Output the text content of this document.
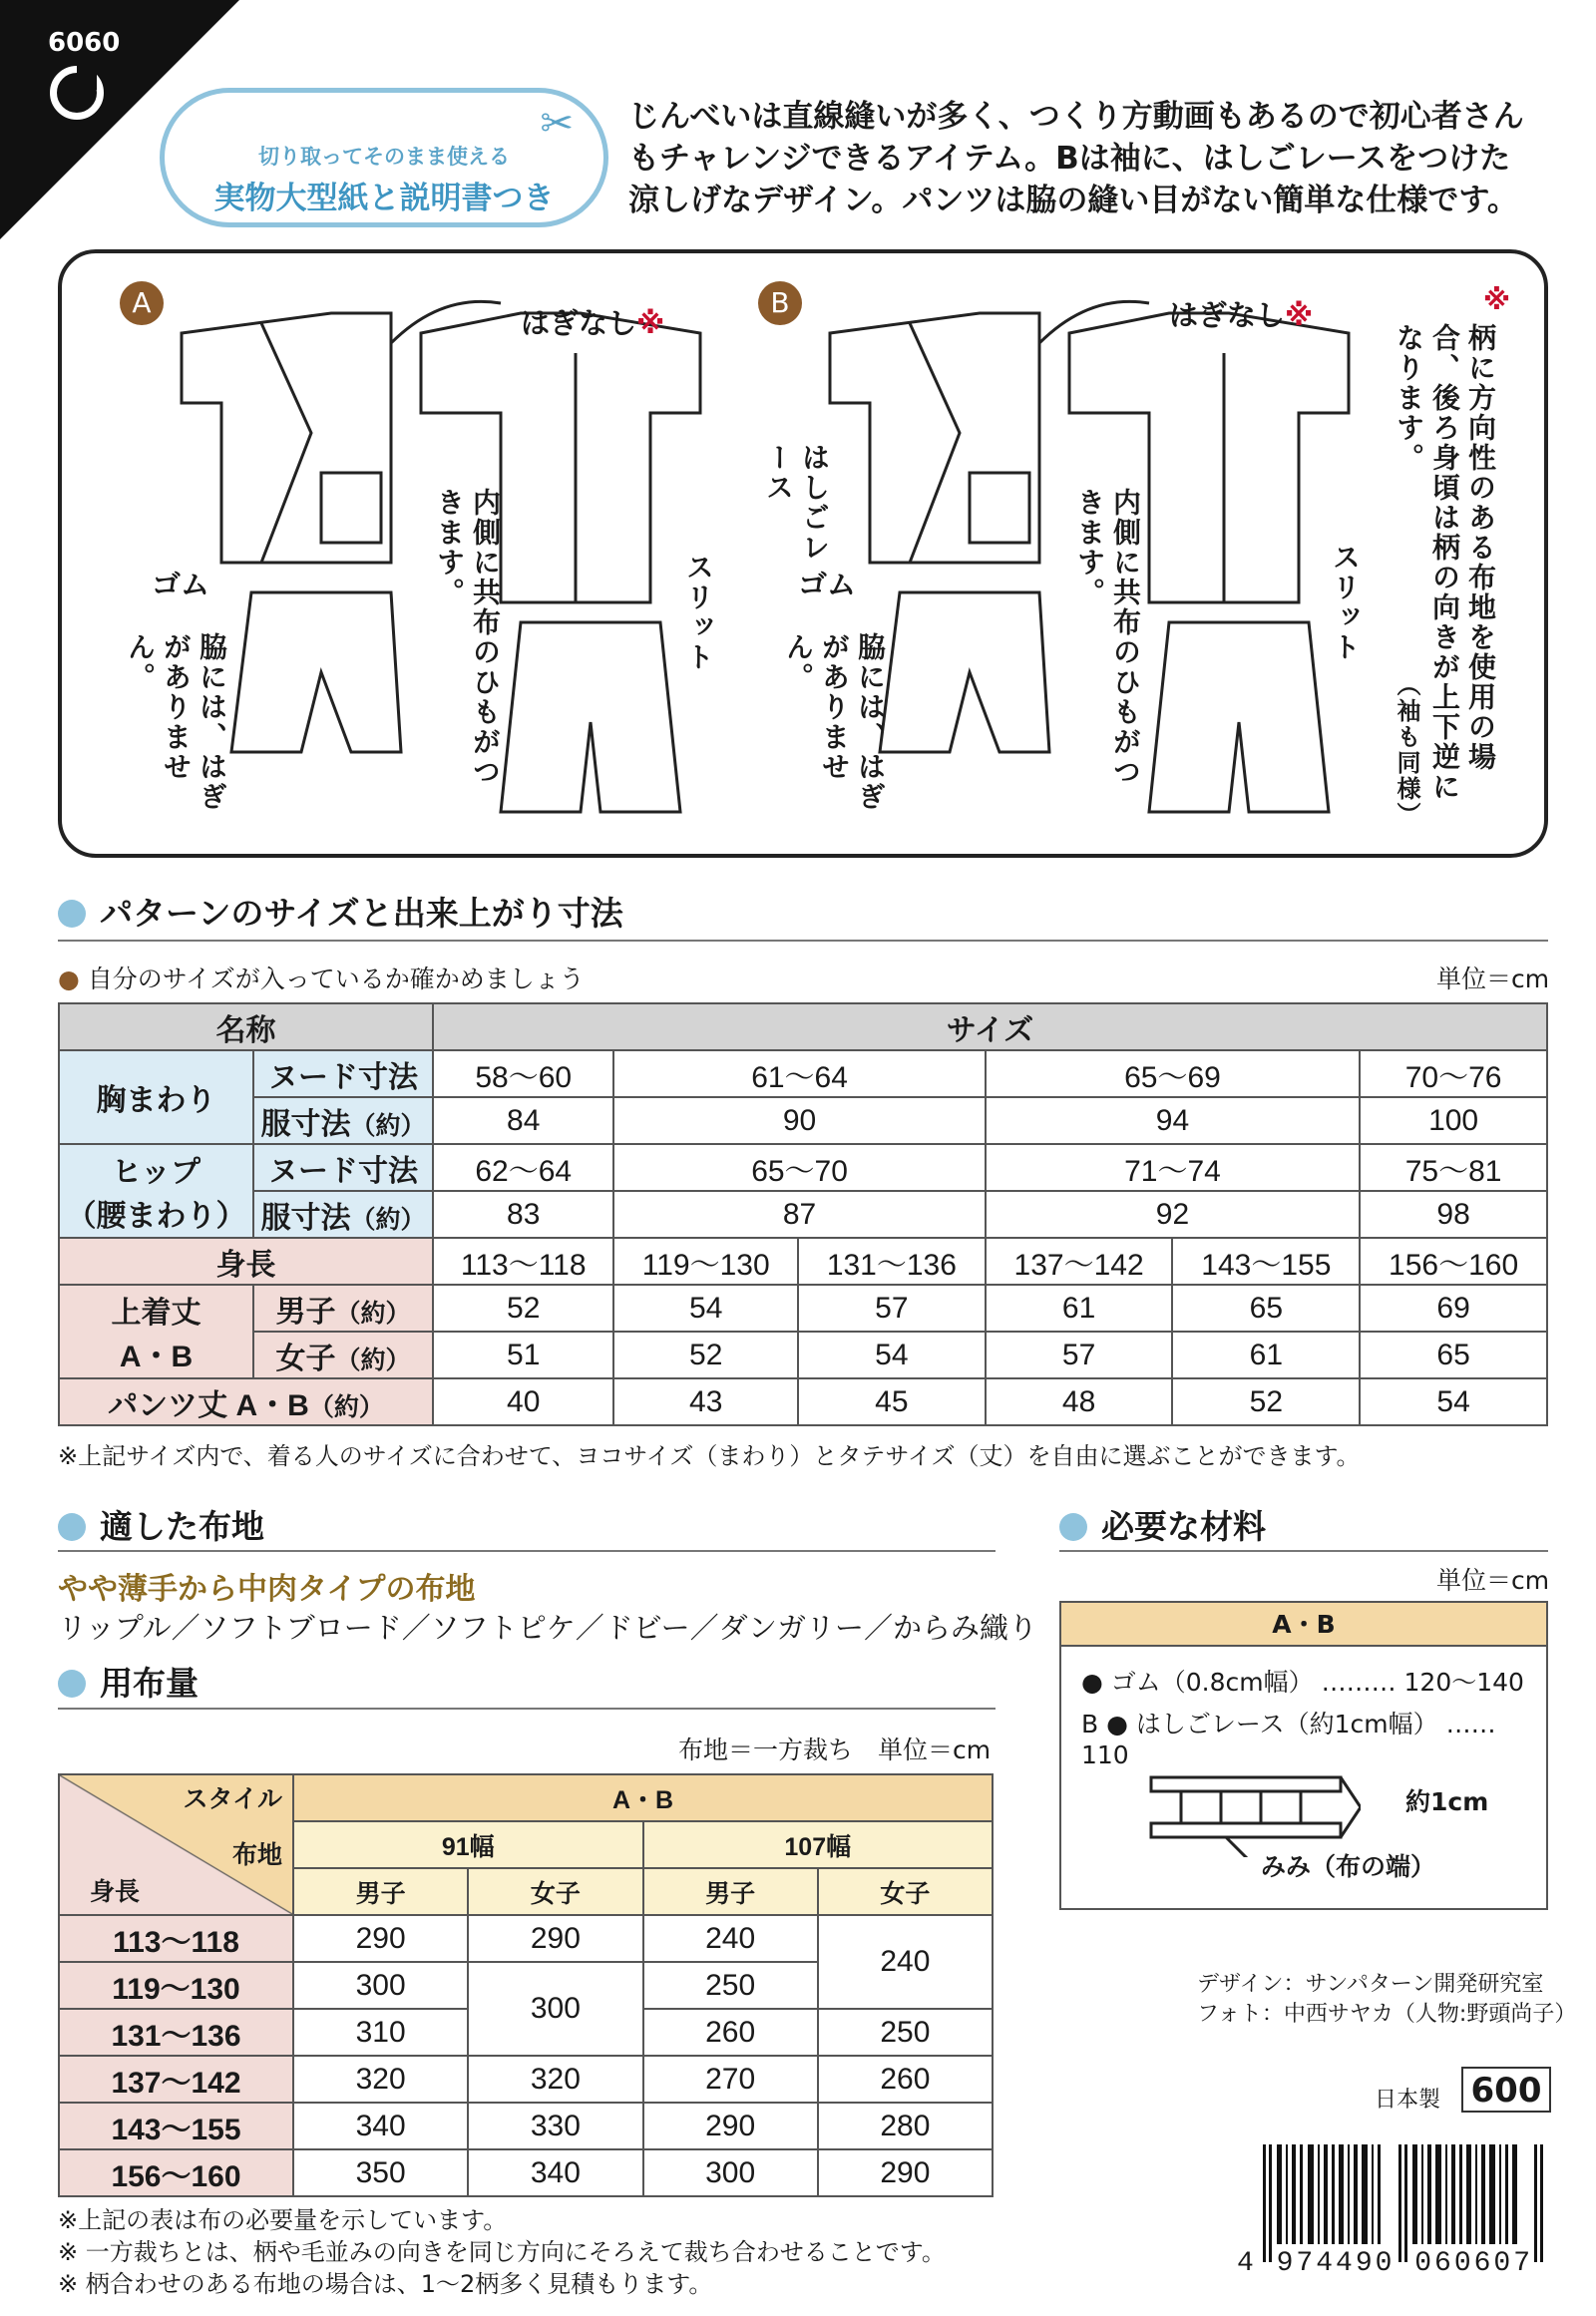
6060
✂
切り取ってそのまま使える
実物大型紙と説明書つき
じんべいは直線縫いが多く、つくり方動画もあるので初心者さん
もチャレンジできるアイテム。Bは袖に、はしごレースをつけた
涼しげなデザイン。パンツは脇の縫い目がない簡単な仕様です。
A	B
はぎなし※	はぎなし※
内側に共布のひもがつきます。	内側に共布のひもがつきます。
スリット	スリット
ゴム	ゴム
脇には、はぎがありません。	脇には、はぎがありません。
はしごレース
※
柄に方向性のある布地を使用の場合、後ろ身頃は柄の向きが上下逆になります。
（袖も同様）
パターンのサイズと出来上がり寸法
● 自分のサイズが入っているか確かめましょう	単位＝cm
名称		サイズ					
胸まわり	ヌード寸法	58〜60	61〜64		65〜69		70〜76
	服寸法（約）	84	90		94		100

ヒップ
（腰まわり）	ヌード寸法	62〜64	65〜70		71〜74		75〜81
	服寸法（約）	83	87		92		98
身長		113〜118	119〜130	131〜136	137〜142	143〜155	156〜160

上着丈
A・B	男子（約）	52	54	57	61	65	69
	女子（約）	51	52	54	57	61	65
パンツ丈 A・B（約）		40	43	45	48	52	54
※上記サイズ内で、着る人のサイズに合わせて、ヨコサイズ（まわり）とタテサイズ（丈）を自由に選ぶことができます。
適した布地
やや薄手から中肉タイプの布地
リップル／ソフトブロード／ソフトピケ／ドビー／ダンガリー／からみ織り
用布量
布地＝一方裁ち　単位＝cm
スタイル
布地
身長	A・B			
	91幅		107幅	
	男子	女子	男子	女子
113〜118	290	290	240	240
119〜130	300	300	250	
131〜136	310		260	250
137〜142	320	320	270	260
143〜155	340	330	290	280
156〜160	350	340	300	290
※上記の表は布の必要量を示しています。
※ 一方裁ちとは、柄や毛並みの向きを同じ方向にそろえて裁ち合わせることです。
※ 柄合わせのある布地の場合は、1〜2柄多く見積もります。
必要な材料
単位＝cm
A・B
● ゴム（0.8cm幅） ……… 120〜140
B ● はしごレース（約1cm幅） …… 110
約1cm
みみ（布の端）
デザイン：サンパターン開発研究室
フォト：中西サヤカ（人物:野頭尚子）
日本製 600
4 974490 060607
